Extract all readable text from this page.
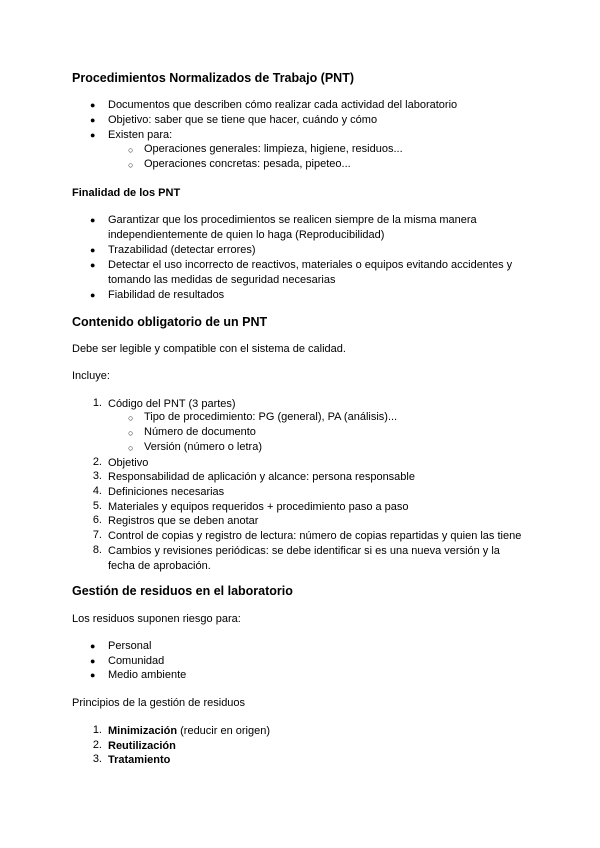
Procedimientos Normalizados de Trabajo (PNT)
● Documentos que describen cómo realizar cada actividad del laboratorio
● Objetivo: saber que se tiene que hacer, cuándo y cómo
● Existen para:
○ Operaciones generales: limpieza, higiene, residuos...
○ Operaciones concretas: pesada, pipeteo...
Finalidad de los PNT
● Garantizar que los procedimientos se realicen siempre de la misma manera independientemente de quien lo haga (Reproducibilidad)
● Trazabilidad (detectar errores)
● Detectar el uso incorrecto de reactivos, materiales o equipos evitando accidentes y tomando las medidas de seguridad necesarias
● Fiabilidad de resultados
Contenido obligatorio de un PNT
Debe ser legible y compatible con el sistema de calidad.
Incluye:
1. Código del PNT (3 partes)
○ Tipo de procedimiento: PG (general), PA (análisis)...
○ Número de documento
○ Versión (número o letra)
2. Objetivo
3. Responsabilidad de aplicación y alcance: persona responsable
4. Definiciones necesarias
5. Materiales y equipos requeridos + procedimiento paso a paso
6. Registros que se deben anotar
7. Control de copias y registro de lectura: número de copias repartidas y quien las tiene
8. Cambios y revisiones periódicas: se debe identificar si es una nueva versión y la fecha de aprobación.
Gestión de residuos en el laboratorio
Los residuos suponen riesgo para:
● Personal
● Comunidad
● Medio ambiente
Principios de la gestión de residuos
1. Minimización (reducir en origen)
2. Reutilización
3. Tratamiento
